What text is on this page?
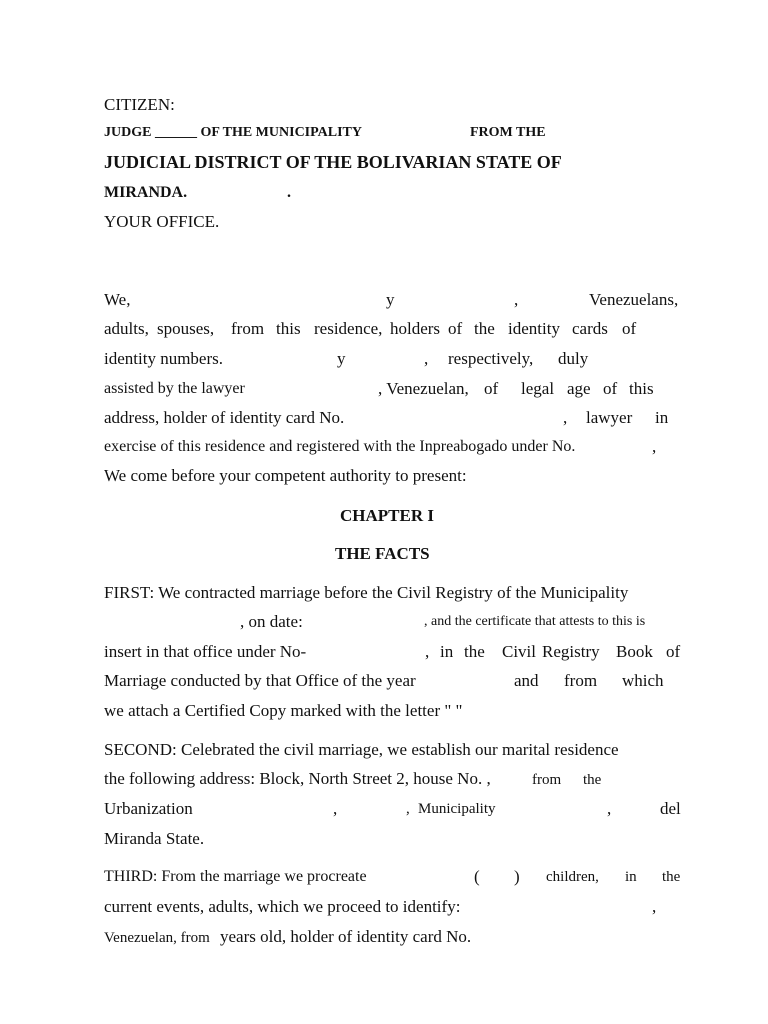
CITIZEN:
JUDGE ______ OF THE MUNICIPALITY	FROM THE
JUDICIAL DISTRICT OF THE BOLIVARIAN STATE OF
MIRANDA.	.
YOUR OFFICE.
We,	y	,	Venezuelans,
adults, spouses, from this residence, holders of the identity cards of
identity numbers.	y	, respectively, duly
assisted by the lawyer	, Venezuelan, of legal age of this
address, holder of identity card No.	, lawyer in
exercise of this residence and registered with the Inpreabogado under No.	,
We come before your competent authority to present:
CHAPTER I
THE FACTS
FIRST: We contracted marriage before the Civil Registry of the Municipality
, on date:	, and the certificate that attests to this is
insert in that office under No-	, in the Civil Registry Book of
Marriage conducted by that Office of the year	and from which
we attach a Certified Copy marked with the letter " "
SECOND: Celebrated the civil marriage, we establish our marital residence
the following address: Block, North Street 2, house No. ,	from the
Urbanization	,	, Municipality	,	del
Miranda State.
THIRD: From the marriage we procreate	( ) children, in the
current events, adults, which we proceed to identify:	,
Venezuelan, from years old, holder of identity card No.
